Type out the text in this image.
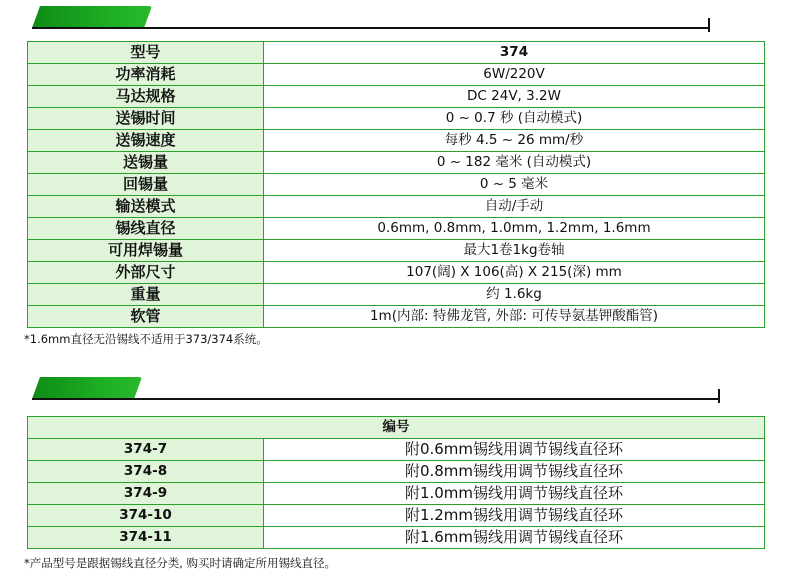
型号	374
功率消耗	6W/220V
马达规格	DC 24V, 3.2W
送锡时间	0 ~ 0.7 秒 (自动模式)
送锡速度	每秒 4.5 ~ 26 mm/秒
送锡量	0 ~ 182 毫米 (自动模式)
回锡量	0 ~ 5 毫米
输送模式	自动/手动
锡线直径	0.6mm, 0.8mm, 1.0mm, 1.2mm, 1.6mm
可用焊锡量	最大1卷1kg卷轴
外部尺寸	107(阔) X 106(高) X 215(深) mm
重量	约 1.6kg
软管	1m(内部: 特佛龙管, 外部: 可传导氨基钾酸酯管)
*1.6mm直径无沿锡线不适用于373/374系统。
编号	
374-7	附0.6mm锡线用调节锡线直径环
374-8	附0.8mm锡线用调节锡线直径环
374-9	附1.0mm锡线用调节锡线直径环
374-10	附1.2mm锡线用调节锡线直径环
374-11	附1.6mm锡线用调节锡线直径环
*产品型号是跟据锡线直径分类, 购买时请确定所用锡线直径。
